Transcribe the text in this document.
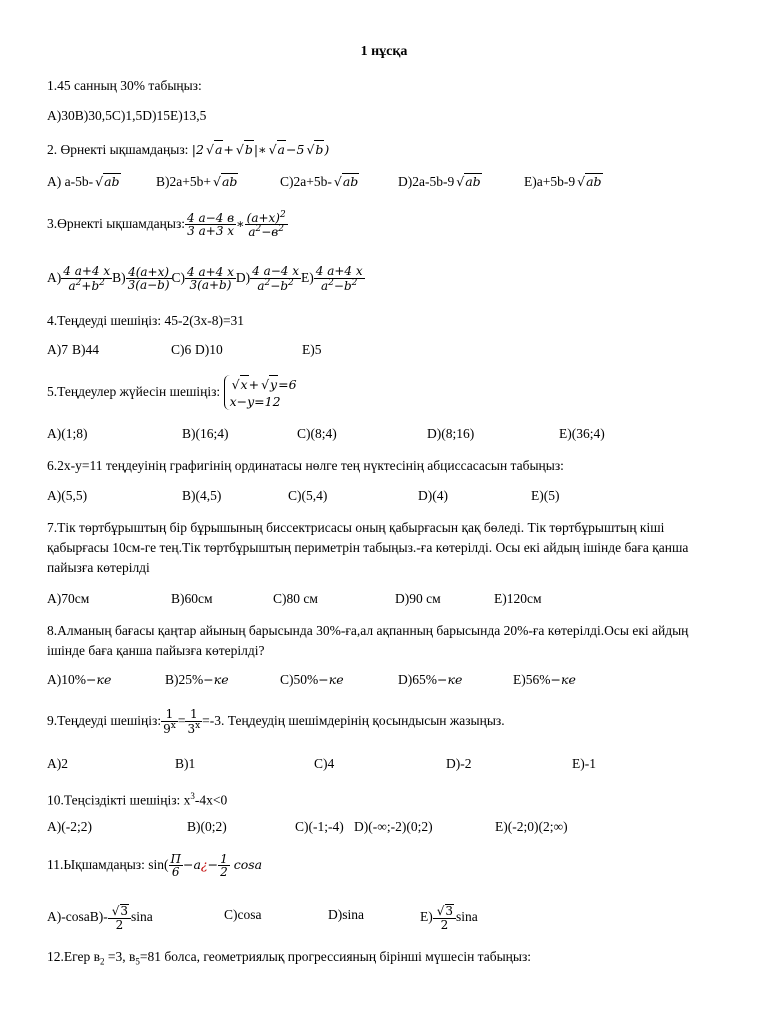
1 нұсқа
1.45 санның 30% табыңыз:
А)30B)30,5C)1,5D)15E)13,5
2. Өрнекті ықшамдаңыз: |2 √ a+ √ b|∗ √ a−5 √ b)
А) a-5b- √ ab	B)2a+5b+ √ ab	C)2a+5b- √ ab	D)2a-5b-9 √ ab	E)a+5b-9 √ ab
3.Өрнекті ықшамдаңыз: $\frac{4 a-4 в}{3 a+3 x}$ ∗ $\frac{(a+x)^2}{a^2-в^2}$
$А) \frac{4 a+4 x}{a^2+b^2} B) \frac{4(a+x)}{3(a-b)} C) \frac{4 a+4 x}{3(a+b)} D) \frac{4 a-4 x}{a^2-b^2} E) \frac{4 a+4 x}{a^2-b^2}$
4.Теңдеуді шешіңіз: 45-2(3x-8)=31
А)7 B)44	C)6 D)10	E)5
5.Теңдеулер жүйесін шешіңіз: √ x+ √ y=6
x−y=12
А)(1;8)	B)(16;4)	C)(8;4)	D)(8;16)	E)(36;4)
6.2х-у=11 теңдеуінің графигінің ординатасы нөлге тең нүктесінің абциссасасын табыңыз:
А)(5,5)	B)(4,5)	C)(5,4)	D)(4)	E)(5)
7.Тік төртбұрыштың бір бұрышының биссектрисасы оның қабырғасын қақ бөледі. Тік төртбұрыштың кіші қабырғасы 10см-ге тең.Тік төртбұрыштың периметрін табыңыз.-ға көтерілді. Осы екі айдың ішінде баға қанша пайызға көтерілді
А)70см	B)60см	C)80 см	D)90 см	E)120см
8.Алманың бағасы қаңтар айының барысында 30%-ға,ал ақпанның барысында 20%-ға көтерілді.Осы екі айдың ішінде баға қанша пайызға көтерілді?
А)10%−ке	B)25%−ке	C)50%−ке	D)65%−ке	E)56%−ке
9.Теңдеуді шешіңіз: $\frac{1}{9^x} = \frac{1}{3^x} =-3$. Теңдеудің шешімдерінің қосындысын жазыңыз.
А)2	B)1	C)4	D)-2	E)-1
10.Теңсіздікті шешіңіз: $x^3-4x<0$
А)(-2;2)	B)(0;2)	C)(-1;-4) D)(-∞;-2)(0;2)	E)(-2;0)(2;∞)
11.Ықшамдаңыз: $\sin( \frac{\Pi}{6}$ −a¿− $\frac{1}{2}$ cosa
А)-cosaB)- √ $\frac{3}{2}$ sina	C)cosa	D)sina	E) √ $\frac{3}{2}$ sina
12.Егер $в_2 =3$, $в_5=81$ болса, геометриялық прогрессияның бірінші мүшесін табыңыз:
